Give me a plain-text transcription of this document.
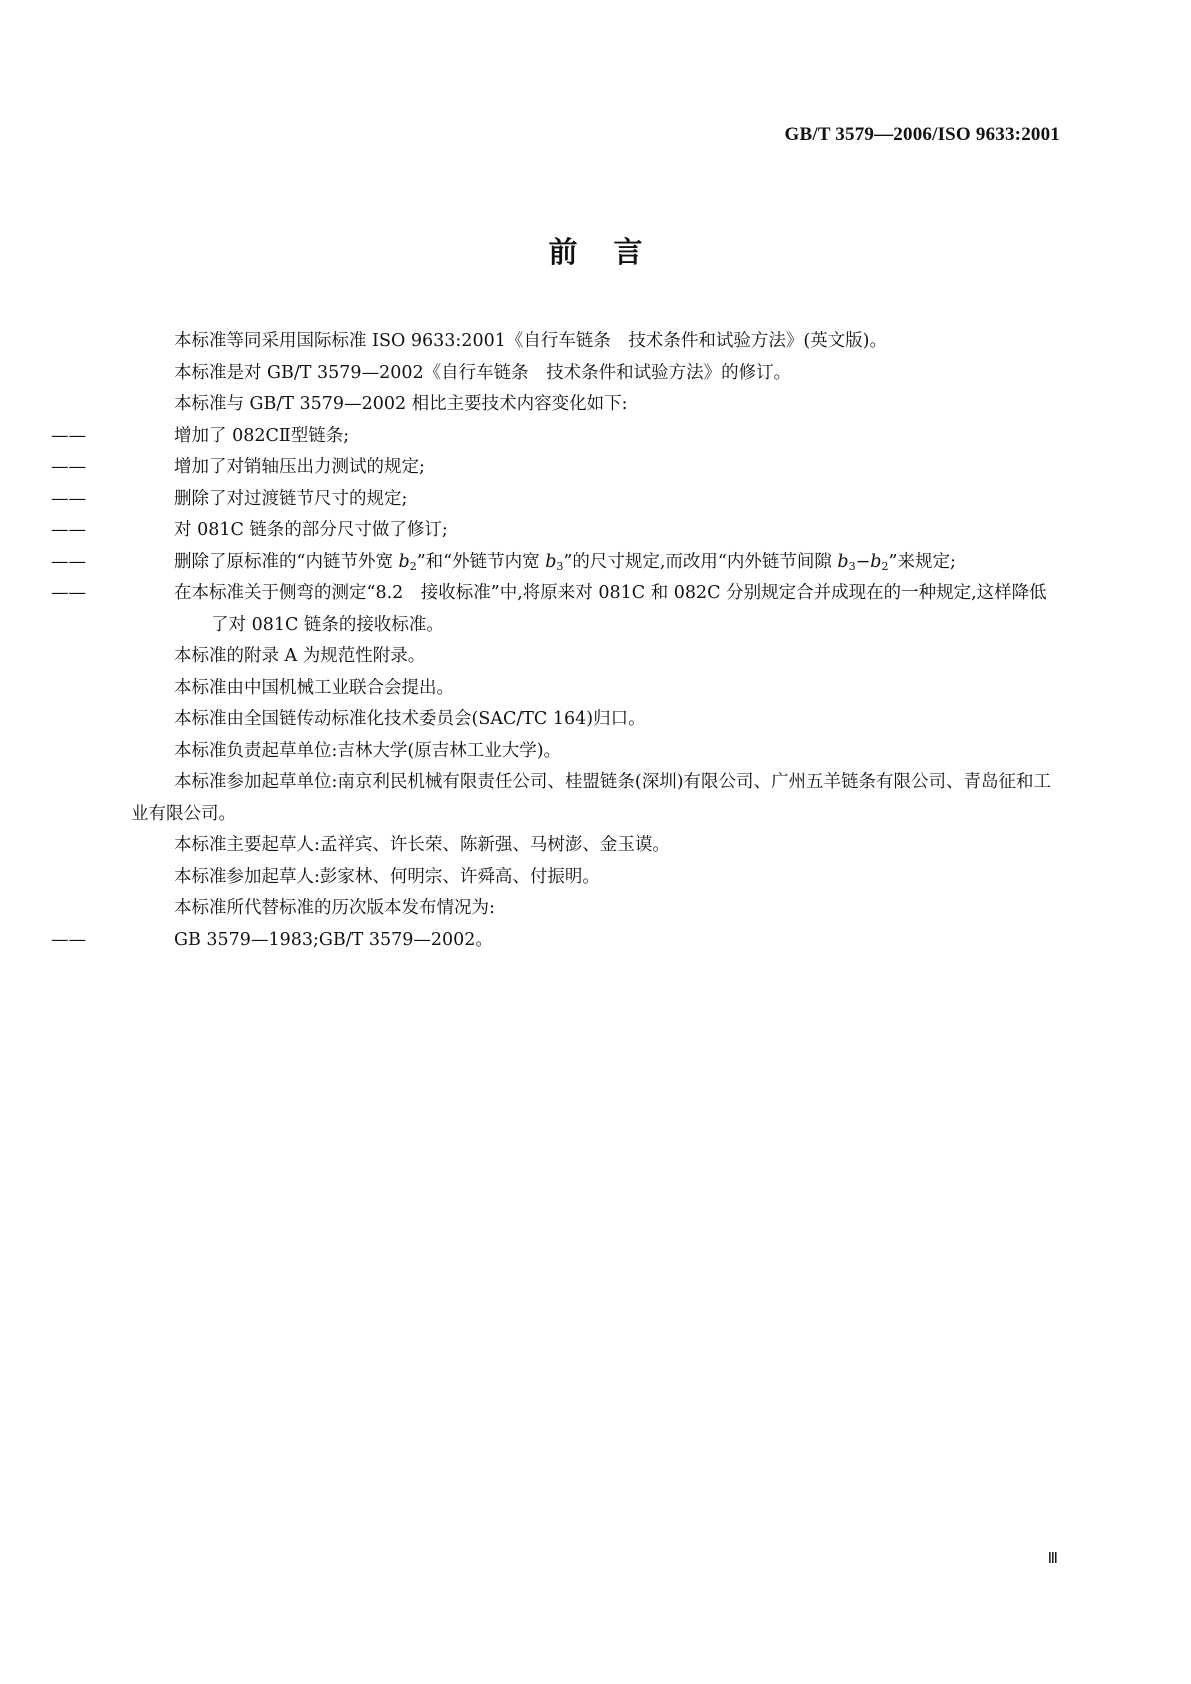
GB/T 3579—2006/ISO 9633:2001
前言

本标准等同采用国际标准 ISO 9633:2001《自行车链条　技术条件和试验方法》(英文版)。

本标准是对 GB/T 3579—2002《自行车链条　技术条件和试验方法》的修订。

本标准与 GB/T 3579—2002 相比主要技术内容变化如下:

——	增加了 082CⅡ型链条;

——	增加了对销轴压出力测试的规定;

——	删除了对过渡链节尺寸的规定;

——	对 081C 链条的部分尺寸做了修订;

——	删除了原标准的“内链节外宽 $b_2$”和“外链节内宽 $b_3$”的尺寸规定,而改用“内外链节间隙 $b_3-b_2$”来规定;

——	在本标准关于侧弯的测定“8.2　接收标准”中,将原来对 081C 和 082C 分别规定合并成现在的一种规定,这样降低了对 081C 链条的接收标准。

本标准的附录 A 为规范性附录。

本标准由中国机械工业联合会提出。

本标准由全国链传动标准化技术委员会(SAC/TC 164)归口。

本标准负责起草单位:吉林大学(原吉林工业大学)。

本标准参加起草单位:南京利民机械有限责任公司、桂盟链条(深圳)有限公司、广州五羊链条有限公司、青岛征和工业有限公司。

本标准主要起草人:孟祥宾、许长荣、陈新强、马树澎、金玉谟。

本标准参加起草人:彭家林、何明宗、许舜高、付振明。

本标准所代替标准的历次版本发布情况为:

——	GB 3579—1983;GB/T 3579—2002。

Ⅲ
